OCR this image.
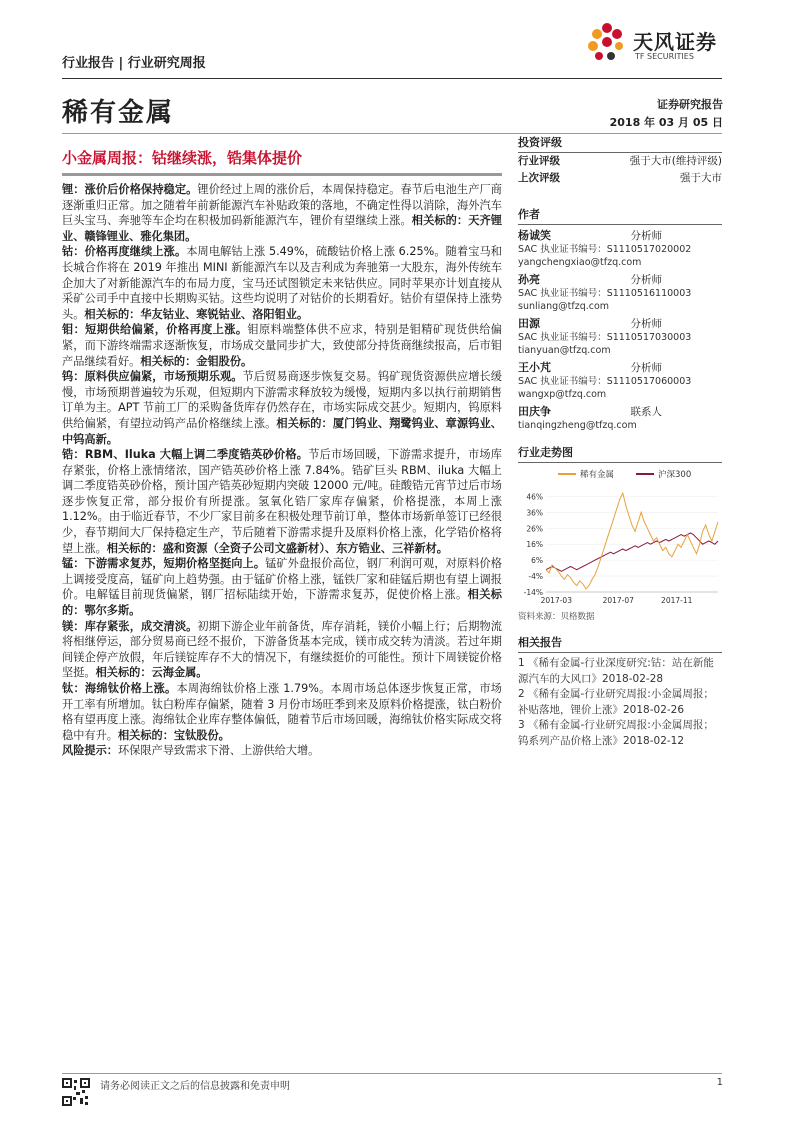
行业报告 | 行业研究周报
天风证券
TF SECURITIES
稀有金属	证券研究报告
2018 年 03 月 05 日
小金属周报：钴继续涨，锆集体提价

锂：涨价后价格保持稳定。锂价经过上周的涨价后，本周保持稳定。春节后电池生产厂商逐渐重归正常。加之随着年前新能源汽车补贴政策的落地，不确定性得以消除，海外汽车巨头宝马、奔驰等车企均在积极加码新能源汽车，锂价有望继续上涨。相关标的：天齐锂业、赣锋锂业、雅化集团。

钴：价格再度继续上涨。本周电解钴上涨 5.49%，硫酸钴价格上涨 6.25%。随着宝马和长城合作将在 2019 年推出 MINI 新能源汽车以及吉利成为奔驰第一大股东，海外传统车企加大了对新能源汽车的布局力度，宝马还试图锁定未来钴供应。同时苹果亦计划直接从采矿公司手中直接中长期购买钴。这些均说明了对钴价的长期看好。钴价有望保持上涨势头。相关标的：华友钴业、寒锐钴业、洛阳钼业。

钼：短期供给偏紧，价格再度上涨。钼原料端整体供不应求，特别是钼精矿现货供给偏紧，而下游终端需求逐渐恢复，市场成交量同步扩大，致使部分持货商继续报高，后市钼产品继续看好。相关标的：金钼股份。

钨：原料供应偏紧，市场预期乐观。节后贸易商逐步恢复交易。钨矿现货资源供应增长缓慢，市场预期普遍较为乐观，但短期内下游需求释放较为缓慢，短期内多以执行前期销售订单为主。APT 节前工厂的采购备货库存仍然存在，市场实际成交甚少。短期内，钨原料供给偏紧，有望拉动钨产品价格继续上涨。相关标的：厦门钨业、翔鹭钨业、章源钨业、中钨高新。

锆：RBM、Iluka 大幅上调二季度锆英砂价格。节后市场回暖，下游需求提升，市场库存紧张，价格上涨情绪浓，国产锆英砂价格上涨 7.84%。锆矿巨头 RBM、iluka 大幅上调二季度锆英砂价格，预计国产锆英砂短期内突破 12000 元/吨。硅酸锆元宵节过后市场逐步恢复正常，部分报价有所提涨。氢氧化锆厂家库存偏紧，价格提涨，本周上涨 1.12%。由于临近春节，不少厂家目前多在积极处理节前订单，整体市场新单签订已经很少，春节期间大厂保持稳定生产，节后随着下游需求提升及原料价格上涨，化学锆价格将望上涨。相关标的：盛和资源（全资子公司文盛新材）、东方锆业、三祥新材。

锰：下游需求复苏，短期价格坚挺向上。锰矿外盘报价高位，钢厂利润可观，对原料价格上调接受度高，锰矿向上趋势强。由于锰矿价格上涨，锰铁厂家和硅锰后期也有望上调报价。电解锰目前现货偏紧，钢厂招标陆续开始，下游需求复苏，促使价格上涨。相关标的：鄂尔多斯。

镁：库存紧张，成交清淡。初期下游企业年前备货，库存消耗，镁价小幅上行；后期物流将相继停运，部分贸易商已经不报价，下游备货基本完成，镁市成交转为清淡。若过年期间镁企停产放假，年后镁锭库存不大的情况下，有继续挺价的可能性。预计下周镁锭价格坚挺。相关标的：云海金属。

钛：海绵钛价格上涨。本周海绵钛价格上涨 1.79%。本周市场总体逐步恢复正常，市场开工率有所增加。钛白粉库存偏紧，随着 3 月份市场旺季到来及原料价格提涨，钛白粉价格有望再度上涨。海绵钛企业库存整体偏低，随着节后市场回暖，海绵钛价格实际成交将稳中有升。相关标的：宝钛股份。

风险提示：环保限产导致需求下滑、上游供给大增。

投资评级
行业评级	强于大市(维持评级)
上次评级	强于大市
作者
杨诚笑	分析师
SAC 执业证书编号：S1110517020002
yangchengxiao@tfzq.com
孙亮	分析师
SAC 执业证书编号：S1110516110003
sunliang@tfzq.com
田源	分析师
SAC 执业证书编号：S1110517030003
tianyuan@tfzq.com
王小芃	分析师
SAC 执业证书编号：S1110517060003
wangxp@tfzq.com
田庆争	联系人
tianqingzheng@tfzq.com
行业走势图
稀有金属	沪深300
46%
36%
26%
16%
6%
-4%
-14%
2017-03	2017-07	2017-11
资料来源：贝格数据
相关报告
1 《稀有金属-行业深度研究:钴：站在新能源汽车的大风口》2018-02-28
2 《稀有金属-行业研究周报:小金属周报；补贴落地，锂价上涨》2018-02-26
3 《稀有金属-行业研究周报:小金属周报；钨系列产品价格上涨》2018-02-12
请务必阅读正文之后的信息披露和免责申明	1
